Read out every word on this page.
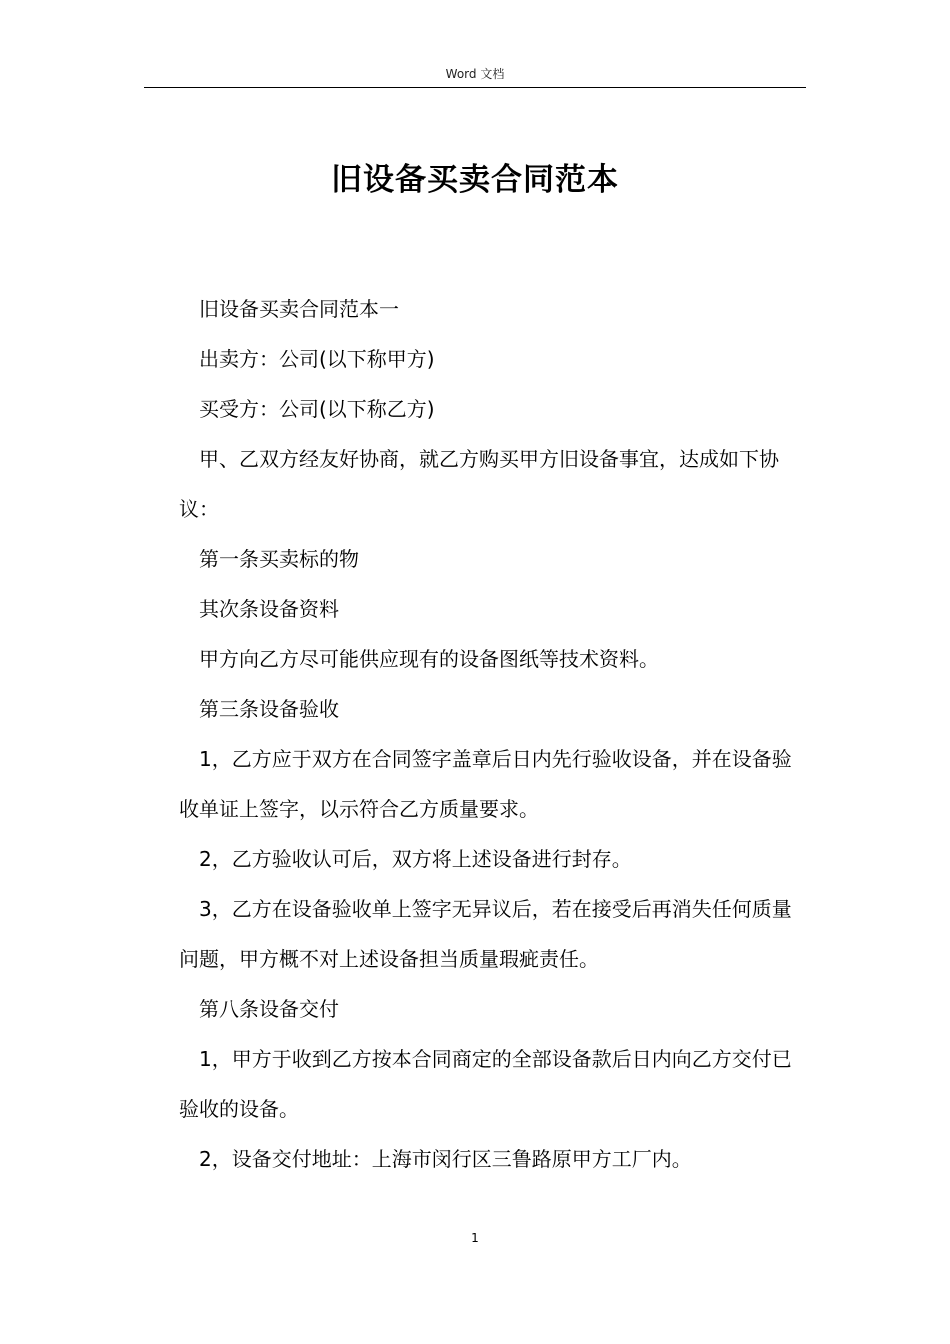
Word 文档
旧设备买卖合同范本

旧设备买卖合同范本一

出卖方：公司(以下称甲方)

买受方：公司(以下称乙方)

甲、乙双方经友好协商，就乙方购买甲方旧设备事宜，达成如下协议：

第一条买卖标的物

其次条设备资料

甲方向乙方尽可能供应现有的设备图纸等技术资料。

第三条设备验收

1，乙方应于双方在合同签字盖章后日内先行验收设备，并在设备验收单证上签字，以示符合乙方质量要求。

2，乙方验收认可后，双方将上述设备进行封存。

3，乙方在设备验收单上签字无异议后，若在接受后再消失任何质量问题，甲方概不对上述设备担当质量瑕疵责任。

第八条设备交付

1，甲方于收到乙方按本合同商定的全部设备款后日内向乙方交付已验收的设备。

2，设备交付地址：上海市闵行区三鲁路原甲方工厂内。

1
